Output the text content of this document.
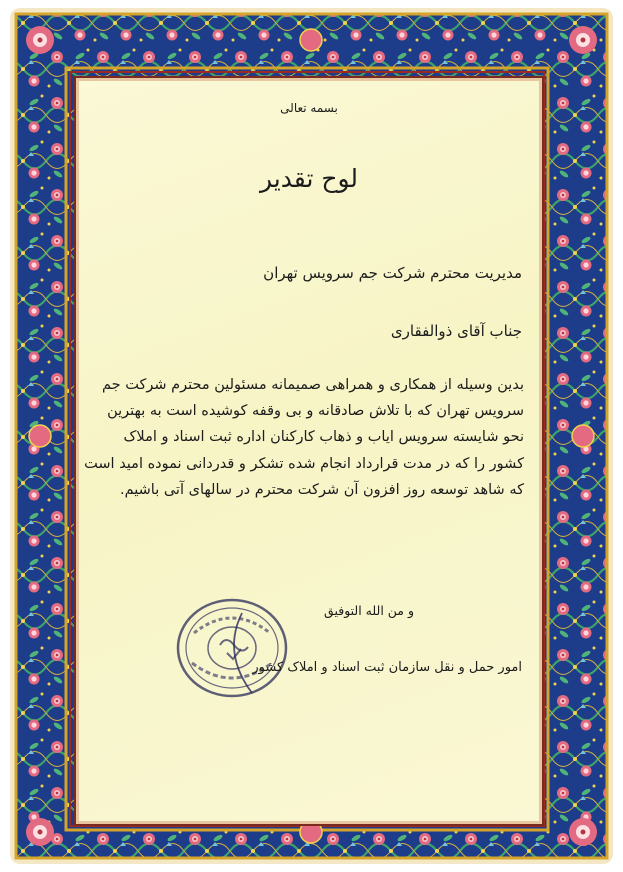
بسمه تعالی
لوح تقدیر
مدیریت محترم شرکت جم سرویس تهران
جناب آقای ذوالفقاری
بدین وسیله از همکاری و همراهی صمیمانه مسئولین محترم شرکت جم
سرویس تهران که با تلاش صادقانه و بی وقفه کوشیده است به بهترین
نحو شایسته سرویس ایاب و ذهاب کارکنان اداره ثبت اسناد و املاک
کشور را که در مدت قرارداد انجام شده تشکر و قدردانی نموده امید است
که شاهد توسعه روز افزون آن شرکت محترم در سالهای آتی باشیم.
و من الله التوفیق
امور حمل و نقل سازمان ثبت اسناد و املاک کشور
